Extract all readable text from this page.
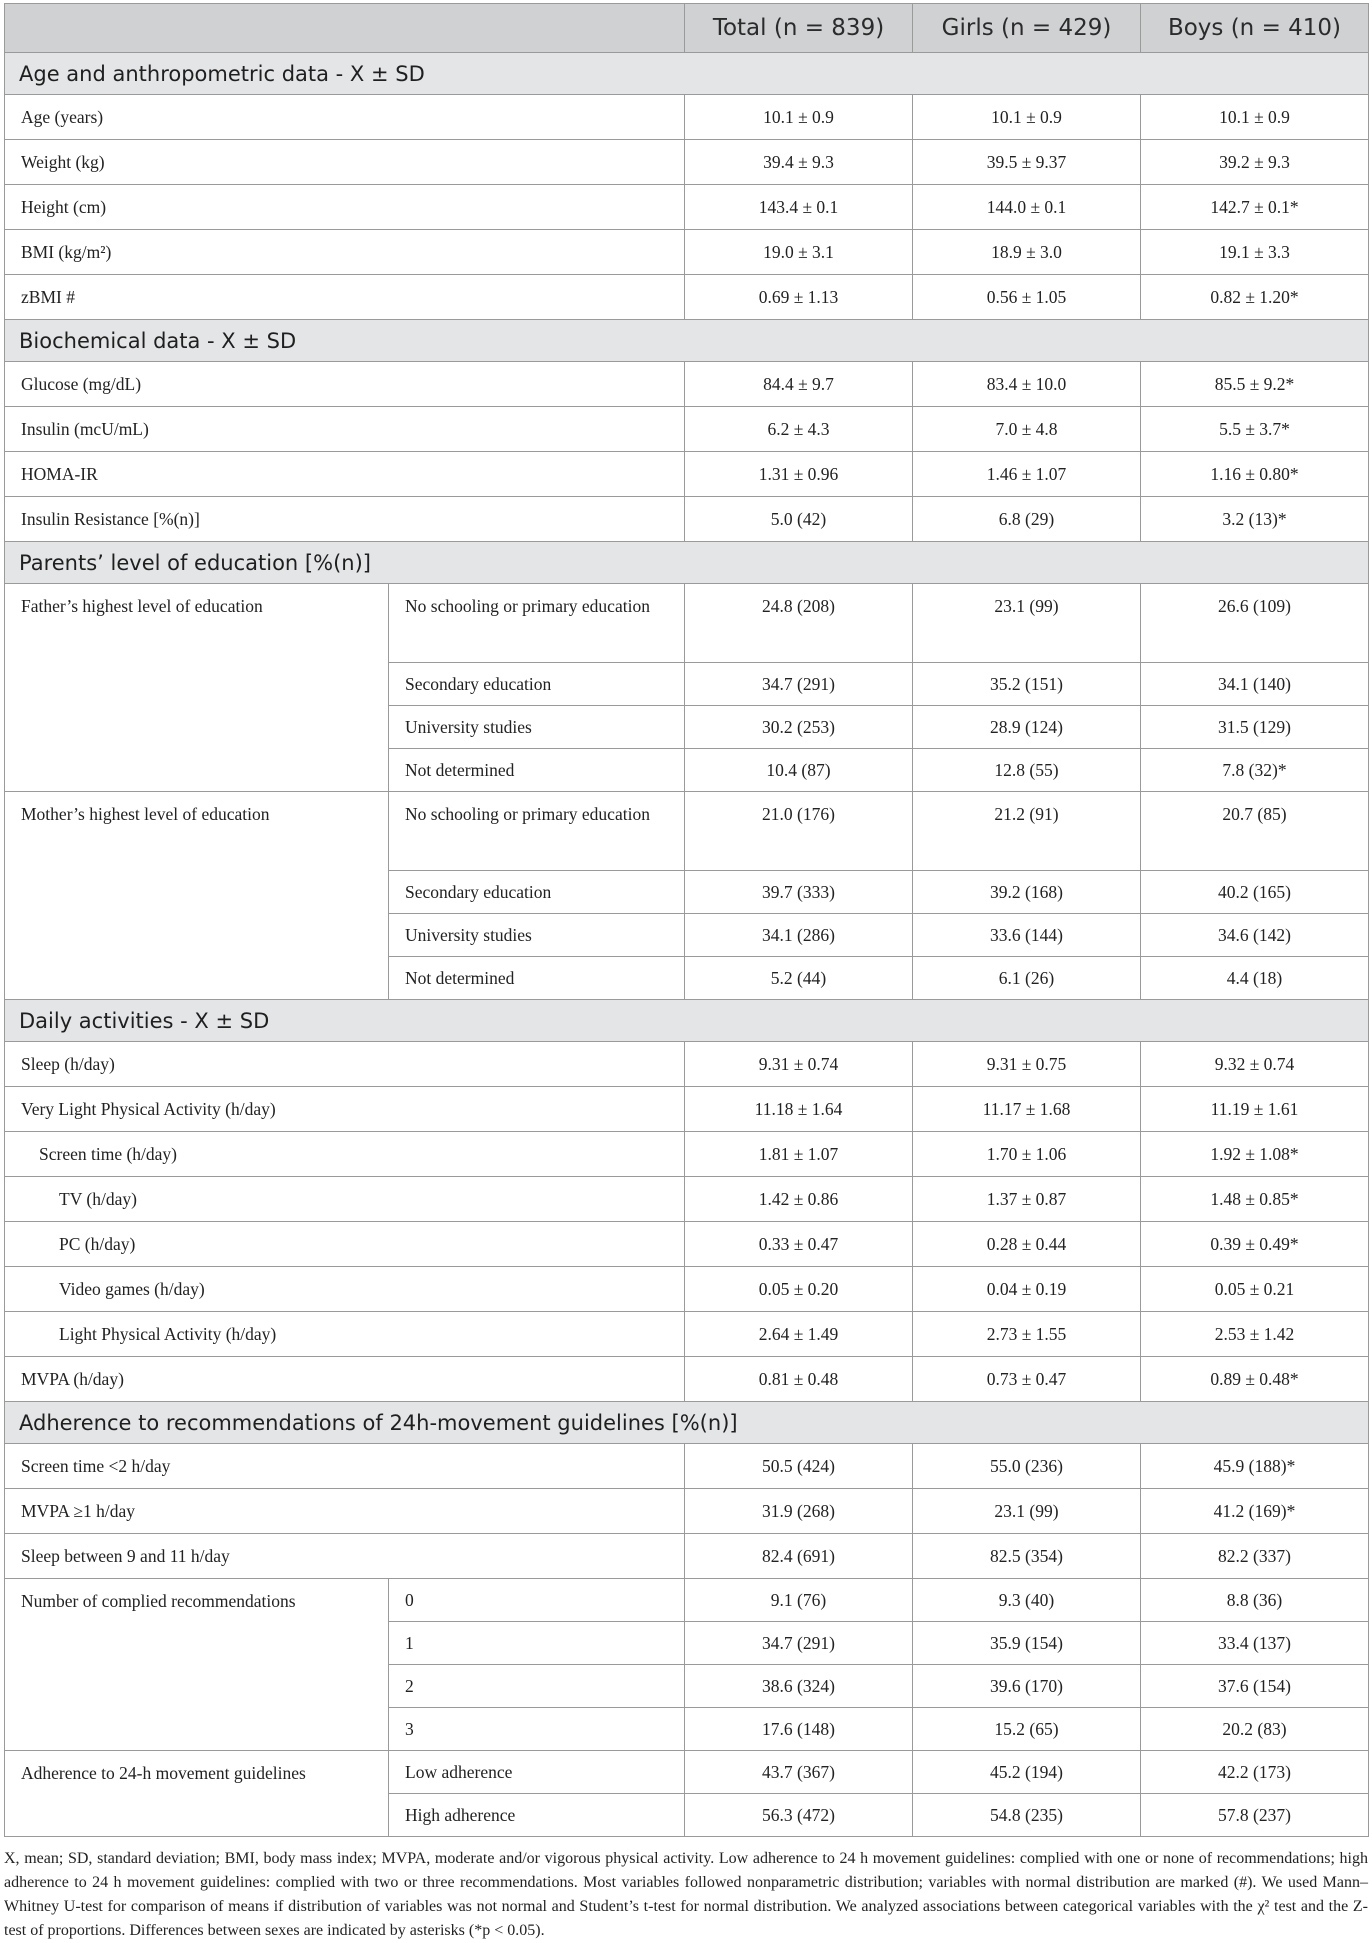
		Total (n = 839)	Girls (n = 429)	Boys (n = 410)
Age and anthropometric data - X ± SD				
Age (years)		10.1 ± 0.9	10.1 ± 0.9	10.1 ± 0.9
Weight (kg)		39.4 ± 9.3	39.5 ± 9.37	39.2 ± 9.3
Height (cm)		143.4 ± 0.1	144.0 ± 0.1	142.7 ± 0.1*
BMI (kg/m²)		19.0 ± 3.1	18.9 ± 3.0	19.1 ± 3.3
zBMI #		0.69 ± 1.13	0.56 ± 1.05	0.82 ± 1.20*
Biochemical data - X ± SD				
Glucose (mg/dL)		84.4 ± 9.7	83.4 ± 10.0	85.5 ± 9.2*
Insulin (mcU/mL)		6.2 ± 4.3	7.0 ± 4.8	5.5 ± 3.7*
HOMA-IR		1.31 ± 0.96	1.46 ± 1.07	1.16 ± 0.80*
Insulin Resistance [%(n)]		5.0 (42)	6.8 (29)	3.2 (13)*
Parents’ level of education [%(n)]				
Father’s highest level of education	No schooling or primary education	24.8 (208)	23.1 (99)	26.6 (109)
	Secondary education	34.7 (291)	35.2 (151)	34.1 (140)
	University studies	30.2 (253)	28.9 (124)	31.5 (129)
	Not determined	10.4 (87)	12.8 (55)	7.8 (32)*
Mother’s highest level of education	No schooling or primary education	21.0 (176)	21.2 (91)	20.7 (85)
	Secondary education	39.7 (333)	39.2 (168)	40.2 (165)
	University studies	34.1 (286)	33.6 (144)	34.6 (142)
	Not determined	5.2 (44)	6.1 (26)	4.4 (18)
Daily activities - X ± SD				
Sleep (h/day)		9.31 ± 0.74	9.31 ± 0.75	9.32 ± 0.74
Very Light Physical Activity (h/day)		11.18 ± 1.64	11.17 ± 1.68	11.19 ± 1.61
Screen time (h/day)		1.81 ± 1.07	1.70 ± 1.06	1.92 ± 1.08*
TV (h/day)		1.42 ± 0.86	1.37 ± 0.87	1.48 ± 0.85*
PC (h/day)		0.33 ± 0.47	0.28 ± 0.44	0.39 ± 0.49*
Video games (h/day)		0.05 ± 0.20	0.04 ± 0.19	0.05 ± 0.21
Light Physical Activity (h/day)		2.64 ± 1.49	2.73 ± 1.55	2.53 ± 1.42
MVPA (h/day)		0.81 ± 0.48	0.73 ± 0.47	0.89 ± 0.48*
Adherence to recommendations of 24h-movement guidelines [%(n)]				
Screen time <2 h/day		50.5 (424)	55.0 (236)	45.9 (188)*
MVPA ≥1 h/day		31.9 (268)	23.1 (99)	41.2 (169)*
Sleep between 9 and 11 h/day		82.4 (691)	82.5 (354)	82.2 (337)
Number of complied recommendations	0	9.1 (76)	9.3 (40)	8.8 (36)
	1	34.7 (291)	35.9 (154)	33.4 (137)
	2	38.6 (324)	39.6 (170)	37.6 (154)
	3	17.6 (148)	15.2 (65)	20.2 (83)
Adherence to 24-h movement guidelines	Low adherence	43.7 (367)	45.2 (194)	42.2 (173)
	High adherence	56.3 (472)	54.8 (235)	57.8 (237)
X, mean; SD, standard deviation; BMI, body mass index; MVPA, moderate and/or vigorous physical activity. Low adherence to 24 h movement guidelines: complied with one or none of recommendations; high adherence to 24 h movement guidelines: complied with two or three recommendations. Most variables followed nonparametric distribution; variables with normal distribution are marked (#). We used Mann–Whitney U-test for comparison of means if distribution of variables was not normal and Student’s t-test for normal distribution. We analyzed associations between categorical variables with the χ² test and the Z-test of proportions. Differences between sexes are indicated by asterisks (*p < 0.05).
